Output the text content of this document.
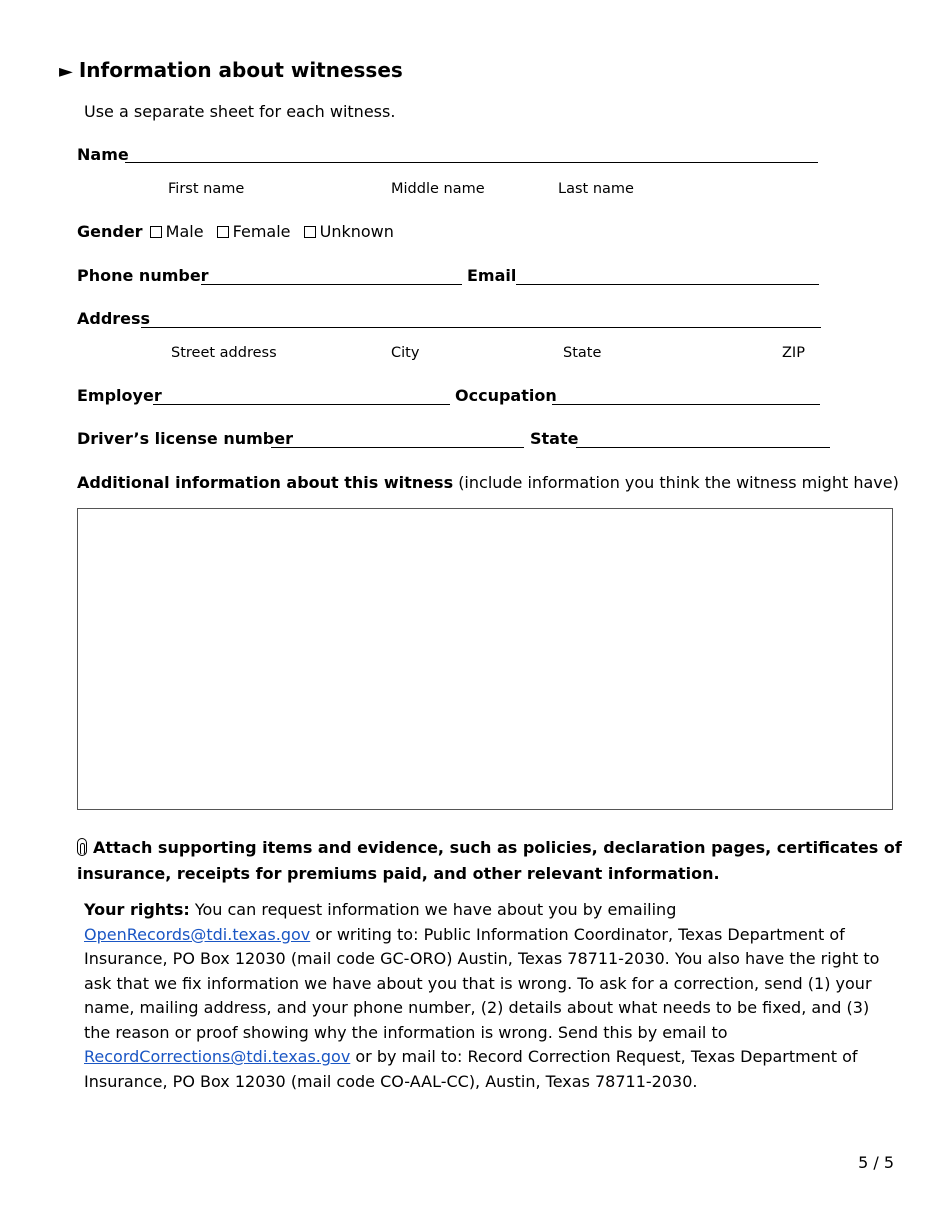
► Information about witnesses
Use a separate sheet for each witness.
Name
First name	Middle name	Last name
Gender Male Female Unknown
Phone number	Email
Address
Street address	City	State	ZIP
Employer	Occupation
Driver’s license number	State
Additional information about this witness (include information you think the witness might have)
Attach supporting items and evidence, such as policies, declaration pages, certificates of insurance, receipts for premiums paid, and other relevant information.
Your rights: You can request information we have about you by emailing OpenRecords@tdi.texas.gov or writing to: Public Information Coordinator, Texas Department of Insurance, PO Box 12030 (mail code GC-ORO) Austin, Texas 78711-2030. You also have the right to ask that we fix information we have about you that is wrong. To ask for a correction, send (1) your name, mailing address, and your phone number, (2) details about what needs to be fixed, and (3) the reason or proof showing why the information is wrong. Send this by email to RecordCorrections@tdi.texas.gov or by mail to: Record Correction Request, Texas Department of Insurance, PO Box 12030 (mail code CO-AAL-CC), Austin, Texas 78711-2030.
5 / 5
